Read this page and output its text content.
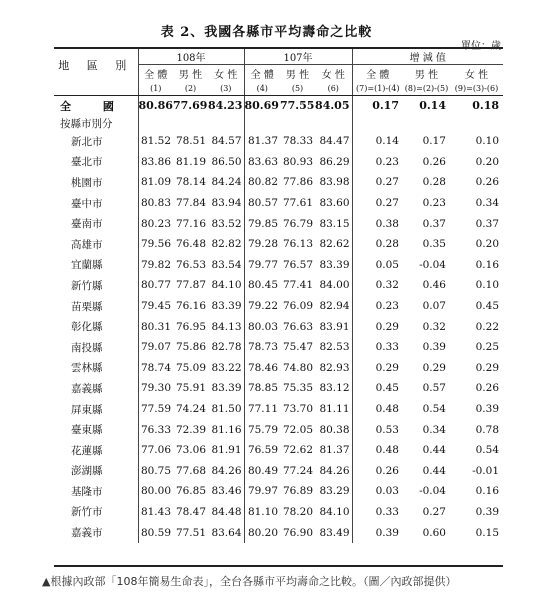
表 2、我國各縣市平均壽命之比較
單位：歲
地 區 別	108年			107年			增 減 值		
	全 體	男 性	女 性	全 體	男 性	女 性	全 體	男 性	女 性
	(1)	(2)	(3)	(4)	(5)	(6)	(7)=(1)-(4)	(8)=(2)-(5)	(9)=(3)-(6)
全 國	80.86	77.69	84.23	80.69	77.55	84.05	0.17	0.14	0.18
按縣市別分									
新北市	81.52	78.51	84.57	81.37	78.33	84.47	0.14	0.17	0.10
臺北市	83.86	81.19	86.50	83.63	80.93	86.29	0.23	0.26	0.20
桃園市	81.09	78.14	84.24	80.82	77.86	83.98	0.27	0.28	0.26
臺中市	80.83	77.84	83.94	80.57	77.61	83.60	0.27	0.23	0.34
臺南市	80.23	77.16	83.52	79.85	76.79	83.15	0.38	0.37	0.37
高雄市	79.56	76.48	82.82	79.28	76.13	82.62	0.28	0.35	0.20
宜蘭縣	79.82	76.53	83.54	79.77	76.57	83.39	0.05	-0.04	0.16
新竹縣	80.77	77.87	84.10	80.45	77.41	84.00	0.32	0.46	0.10
苗栗縣	79.45	76.16	83.39	79.22	76.09	82.94	0.23	0.07	0.45
彰化縣	80.31	76.95	84.13	80.03	76.63	83.91	0.29	0.32	0.22
南投縣	79.07	75.86	82.78	78.73	75.47	82.53	0.33	0.39	0.25
雲林縣	78.74	75.09	83.22	78.46	74.80	82.93	0.29	0.29	0.29
嘉義縣	79.30	75.91	83.39	78.85	75.35	83.12	0.45	0.57	0.26
屏東縣	77.59	74.24	81.50	77.11	73.70	81.11	0.48	0.54	0.39
臺東縣	76.33	72.39	81.16	75.79	72.05	80.38	0.53	0.34	0.78
花蓮縣	77.06	73.06	81.91	76.59	72.62	81.37	0.48	0.44	0.54
澎湖縣	80.75	77.68	84.26	80.49	77.24	84.26	0.26	0.44	-0.01
基隆市	80.00	76.85	83.46	79.97	76.89	83.29	0.03	-0.04	0.16
新竹市	81.43	78.47	84.48	81.10	78.20	84.10	0.33	0.27	0.39
嘉義市	80.59	77.51	83.64	80.20	76.90	83.49	0.39	0.60	0.15
▲根據內政部「108年簡易生命表」，全台各縣市平均壽命之比較。（圖／內政部提供）
